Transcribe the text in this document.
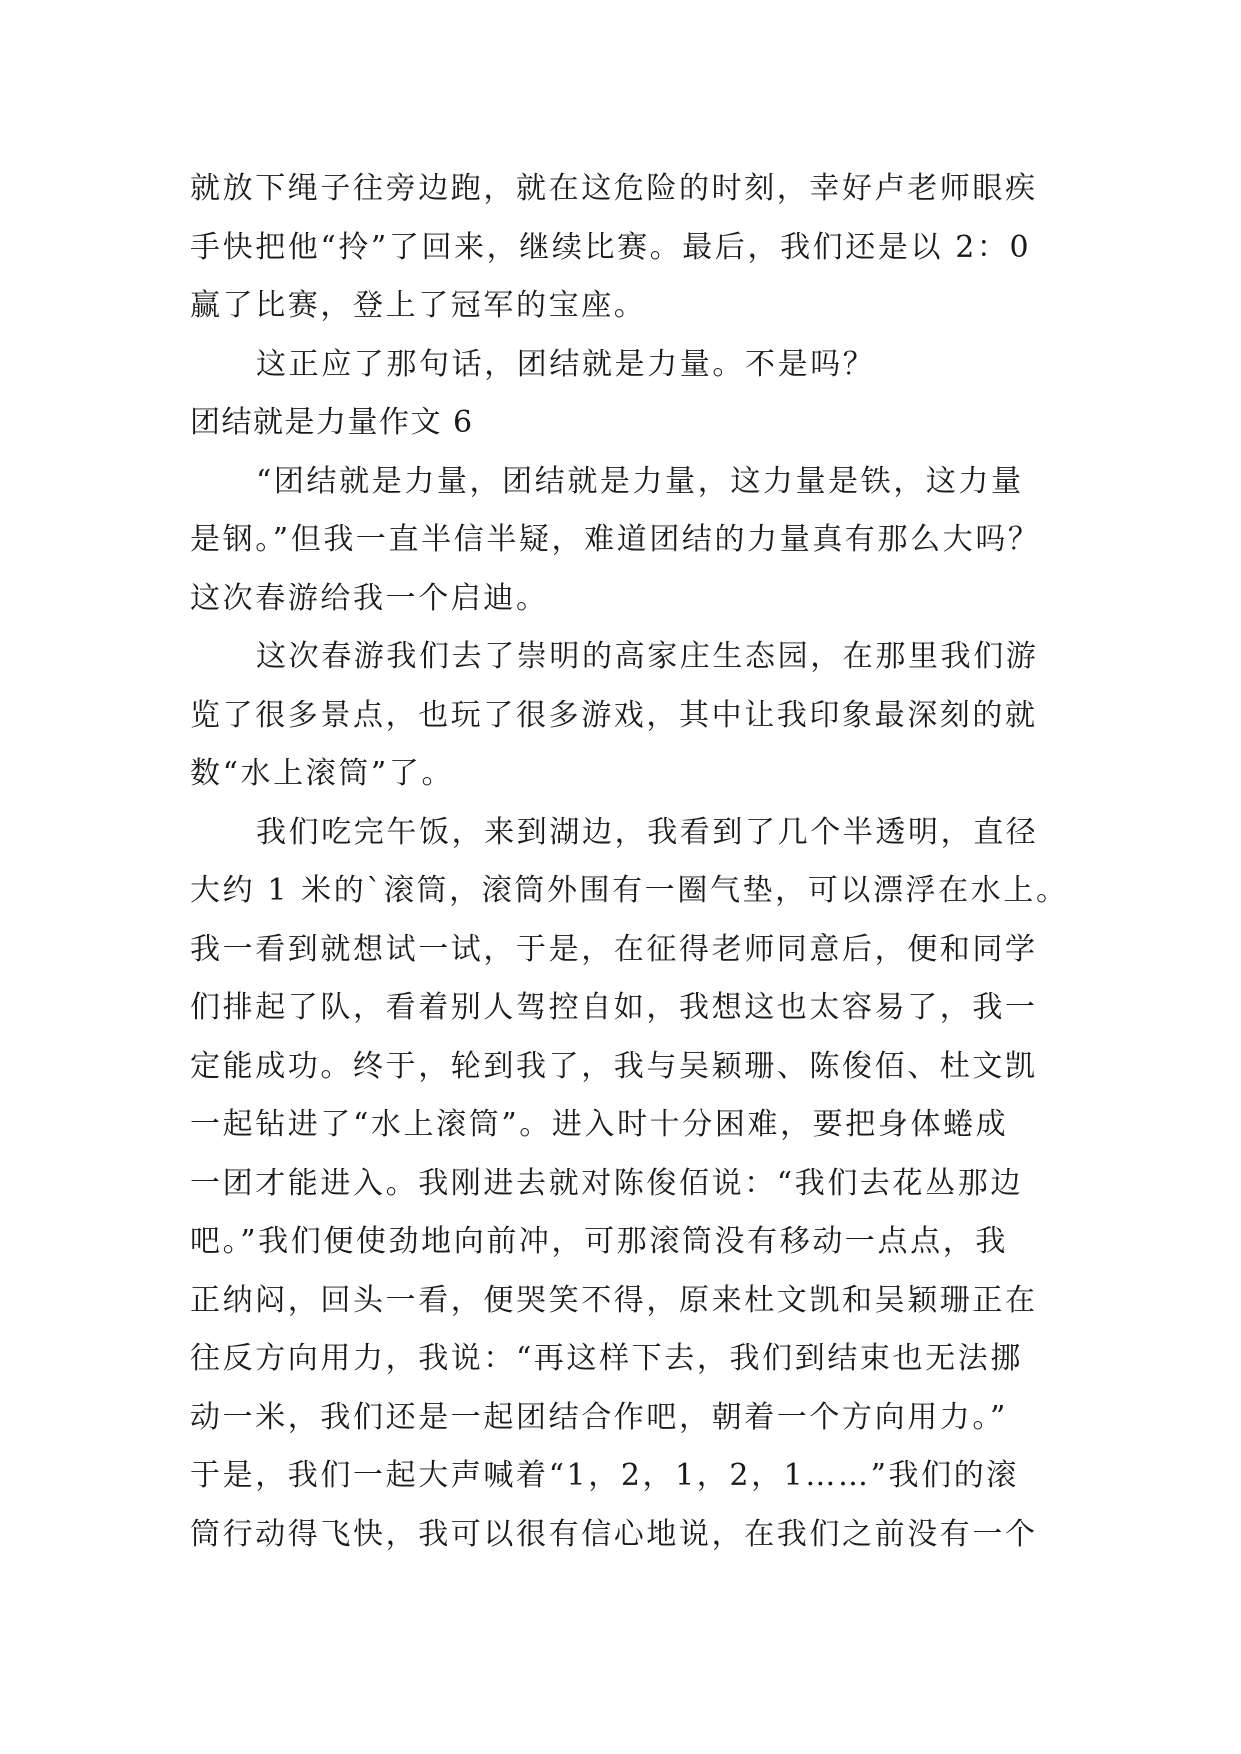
就放下绳子往旁边跑，就在这危险的时刻，幸好卢老师眼疾
手快把他“拎”了回来，继续比赛。最后，我们还是以 2：0
赢了比赛，登上了冠军的宝座。
这正应了那句话，团结就是力量。不是吗？
团结就是力量作文 6
“团结就是力量，团结就是力量，这力量是铁，这力量
是钢。”但我一直半信半疑，难道团结的力量真有那么大吗？
这次春游给我一个启迪。
这次春游我们去了崇明的高家庄生态园，在那里我们游
览了很多景点，也玩了很多游戏，其中让我印象最深刻的就
数“水上滚筒”了。
我们吃完午饭，来到湖边，我看到了几个半透明，直径
大约 1 米的`滚筒，滚筒外围有一圈气垫，可以漂浮在水上。
我一看到就想试一试，于是，在征得老师同意后，便和同学
们排起了队，看着别人驾控自如，我想这也太容易了，我一
定能成功。终于，轮到我了，我与吴颖珊、陈俊佰、杜文凯
一起钻进了“水上滚筒”。进入时十分困难，要把身体蜷成
一团才能进入。我刚进去就对陈俊佰说：“我们去花丛那边
吧。”我们便使劲地向前冲，可那滚筒没有移动一点点，我
正纳闷，回头一看，便哭笑不得，原来杜文凯和吴颖珊正在
往反方向用力，我说：“再这样下去，我们到结束也无法挪
动一米，我们还是一起团结合作吧，朝着一个方向用力。”
于是，我们一起大声喊着“1，2，1，2，1……”我们的滚
筒行动得飞快，我可以很有信心地说，在我们之前没有一个
